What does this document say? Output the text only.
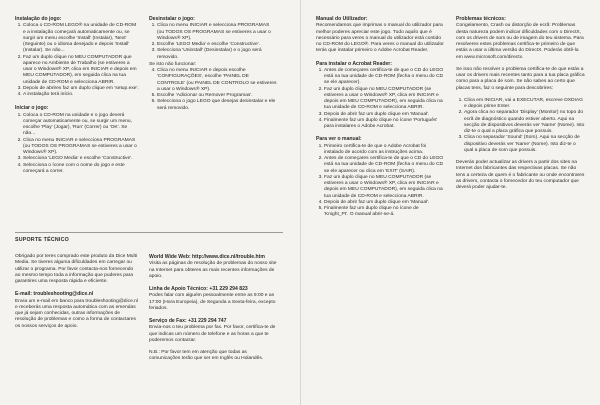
Instalação do jogo:
1. Coloca o CD-ROM LEGO® na unidade de CD-ROM e a instalação começará automaticamente ou, se surgir um menu escolhe 'Install' (Instalar), 'Next' (Seguinte) ou o idioma desejado e depois 'Install' (Instalar). Se não...
2. Faz um duplo clique no MEU COMPUTADOR que aparece no Ambiente de Trabalho (se estiveres a usar o Windows® XP, clica em INICIAR e depois em MEU COMPUTADOR), em seguida clica na tua unidade de CD-ROM e selecciona ABRIR.
3. Depois de abrires faz um duplo clique em 'setup.exe'.
4. A instalação terá início.
Iniciar o jogo:
1. Coloca o CD-ROM na unidade e o jogo deverá começar automaticamente ou, se surgir um menu, escolhe 'Play' (Jogar), 'Run' (Correr) ou 'OK'. Se não...
2. Clica no menu INICIAR e selecciona PROGRAMAS (ou TODOS OS PROGRAMAS se estiveres a usar o Windows® XP).
3. Selecciona 'LEGO Media' e escolhe 'Constructive'.
4. Selecciona o ícone com o nome do jogo e este começará a correr.
Desinstalar o jogo:
1. Clica no menu INICIAR e selecciona PROGRAMAS (ou TODOS OS PROGRAMAS se estiveres a usar o Windows® XP).
2. Escolhe 'LEGO Media' e escolhe 'Constructive'.
3. Selecciona 'Uninstall' (Desinstalar) e o jogo será removido.
Se isto não funcionar:
4. Clica no menu INICIAR e depois escolhe 'CONFIGURAÇÕES', escolhe 'PAINEL DE CONTROLE' (ou PAINEL DE CONTROLO se estiveres a usar o Windows® XP).
5. Escolhe 'Adicionar ou Remover Programas'.
6. Selecciona o jogo LEGO que desejas desinstalar e ele será removido.
SUPORTE TÉCNICO

Obrigado por teres comprado este produto da Dice Multi Media. Se tiveres alguma dificuldades em carregar ou utilizar o programa. Por favor contacta-nos fornecendo ao mesmo tempo toda a informação que puderes para garantires uma resposta rápida e eficiente.

E-mail: troubleshooting@dice.nl

Envia um e-mail em banco para troubleshooting@dice.nl e receberás uma resposta automática com as emendas que já sejam conhecidas, outras informações de resolução de problemas e como a forma de contactares os nossos serviços de apoio.

World Wide Web: http://www.dice.nl/trouble.htm

Visita as páginas de resolução de problemas do nosso site na Internet para obteres as mais recentes informações de apoio.

Linha de Apoio Técnico: +31 229 294 823

Podes falar com alguém pessoalmente entre as 9:00 e as 17:00 (Hora Europeia), de Segunda a Sexta-feira, excepto feriados.

Serviço de Fax: +31 229 294 747

Envia-nos o teu problema por fax. Por favor, certifica-te de que indicas um número de telefone e as horas a que te poderemos contactar.

N.B.: Por favor tem em atenção que todas as comunicações terão que ser em Inglês ou Holandês.

Manual do Utilizador:

Recomendamos que imprimas o manual do utilizador para melhor poderes apreciar este jogo. Tudo aquilo que é necessário para veres o manual do utilizador está contido no CD-ROM do LEGO®. Para veres o manual do utilizador terás que instalar primeiro o Adobe Acrobat Reader.

Para instalar o Acrobat Reader:
1. Antes de começares certifica-te de que o CD do LEGO está na tua unidade de CD-ROM (fecha o menu do CD se ele aparecer).
2. Faz um duplo clique no MEU COMPUTADOR (se estiveres a usar o Windows® XP, clica em INICIAR e depois em MEU COMPUTADOR), em seguida clica na tua unidade de CD-ROM e selecciona ABRIR.
3. Depois de abrir faz um duplo clique em 'Manual'.
4. Finalmente faz um duplo clique no ícone 'Português' para instalares o Adobe Acrobat.
Para ver o manual:
1. Primeiro certifica-te de que o Adobe Acrobat foi instalado de acordo com as instruções acima.
2. Antes de começares certifica-te de que o CD do LEGO está na tua unidade de CD-ROM (fecha o menu do CD se ele aparecer ou clica em 'EXIT' (SAIR).
3. Faz um duplo clique no MEU COMPUTADOR (se estiveres a usar o Windows® XP, clica em INICIAR e depois em MEU COMPUTADOR), em seguida clica na tua unidade de CD-ROM e selecciona ABRIR.
4. Depois de abrir faz um duplo clique em 'Manual'.
5. Finalmente faz um duplo clique no ícone de 'Knight_Pt'. O manual abrir-se-á.
Problemas técnicos:

Congelamento, Crash ou distorção de ecrã: Problemas desta natureza podem indicar dificuldades com o DirectX, com os drivers de som ou de imagem do teu sistema. Para resolveres estes problemas certifica-te primeiro de que estás a usar a última versão do DirectX. Poderás obtê-la em www.microsoft.com/directx.

Se isso não resolver o problema certifica-te de que estás a usar os drivers mais recentes tanto para a tua placa gráfica como para a placa de som. Se não sabes ao certo que placas tens, faz o seguinte para descobrires:

1. Clica em INICIAR, vai a EXECUTAR, escreve DXDIAG e depois prime Enter.
2. Agora clica no separador 'Display' (Monitor) no topo do ecrã de diagnóstico quando estiver aberto. Aqui na secção de dispositivos deverás ver 'Name' (Nome). Isto diz-te o qual a placa gráfica que possuis.
3. Clica no separador 'Sound' (Som). Aqui na secção de dispositivo deverás ver 'Name' (Nome). Isto diz-te o qual a placa de som que possuis.

Deverás poder actualizar as drivers a partir dos sites na Internet dos fabricantes das respectivas placas. Se não tens a certeza de quem é o fabricante ou onde encontrares as drivers, contacta o fornecedor do teu computador que deverá poder ajudar-te.
